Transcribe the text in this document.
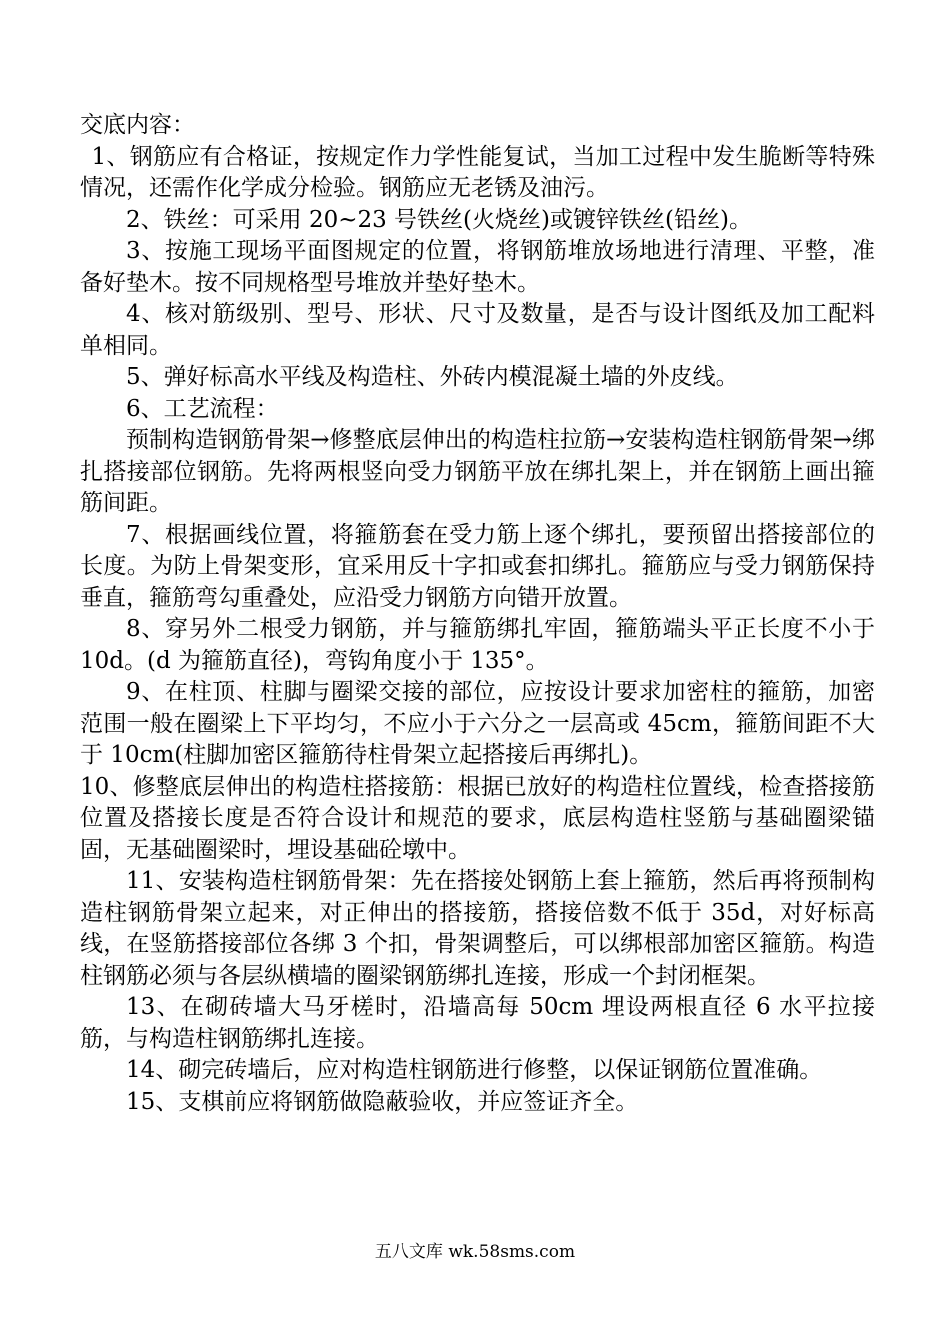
交底内容：

1、钢筋应有合格证，按规定作力学性能复试，当加工过程中发生脆断等特殊情况，还需作化学成分检验。钢筋应无老锈及油污。

2、铁丝：可采用 20~23 号铁丝(火烧丝)或镀锌铁丝(铅丝)。

3、按施工现场平面图规定的位置，将钢筋堆放场地进行清理、平整，准备好垫木。按不同规格型号堆放并垫好垫木。

4、核对筋级别、型号、形状、尺寸及数量，是否与设计图纸及加工配料单相同。

5、弹好标高水平线及构造柱、外砖内模混凝土墙的外皮线。

6、工艺流程：

预制构造钢筋骨架→修整底层伸出的构造柱拉筋→安装构造柱钢筋骨架→绑扎搭接部位钢筋。先将两根竖向受力钢筋平放在绑扎架上，并在钢筋上画出箍筋间距。

7、根据画线位置，将箍筋套在受力筋上逐个绑扎，要预留出搭接部位的长度。为防上骨架变形，宜采用反十字扣或套扣绑扎。箍筋应与受力钢筋保持垂直，箍筋弯勾重叠处，应沿受力钢筋方向错开放置。

8、穿另外二根受力钢筋，并与箍筋绑扎牢固，箍筋端头平正长度不小于 10d。(d 为箍筋直径)，弯钩角度小于 135°。

9、在柱顶、柱脚与圈梁交接的部位，应按设计要求加密柱的箍筋，加密范围一般在圈梁上下平均匀，不应小于六分之一层高或 45cm，箍筋间距不大于 10cm(柱脚加密区箍筋待柱骨架立起搭接后再绑扎)。

10、修整底层伸出的构造柱搭接筋：根据已放好的构造柱位置线，检查搭接筋位置及搭接长度是否符合设计和规范的要求，底层构造柱竖筋与基础圈梁锚固，无基础圈梁时，埋设基础砼墩中。

11、安装构造柱钢筋骨架：先在搭接处钢筋上套上箍筋，然后再将预制构造柱钢筋骨架立起来，对正伸出的搭接筋，搭接倍数不低于 35d，对好标高线，在竖筋搭接部位各绑 3 个扣，骨架调整后，可以绑根部加密区箍筋。构造柱钢筋必须与各层纵横墙的圈梁钢筋绑扎连接，形成一个封闭框架。

13、在砌砖墙大马牙槎时，沿墙高每 50cm 埋设两根直径 6 水平拉接筋，与构造柱钢筋绑扎连接。

14、砌完砖墙后，应对构造柱钢筋进行修整，以保证钢筋位置准确。

15、支棋前应将钢筋做隐蔽验收，并应签证齐全。

五八文库 wk.58sms.com
